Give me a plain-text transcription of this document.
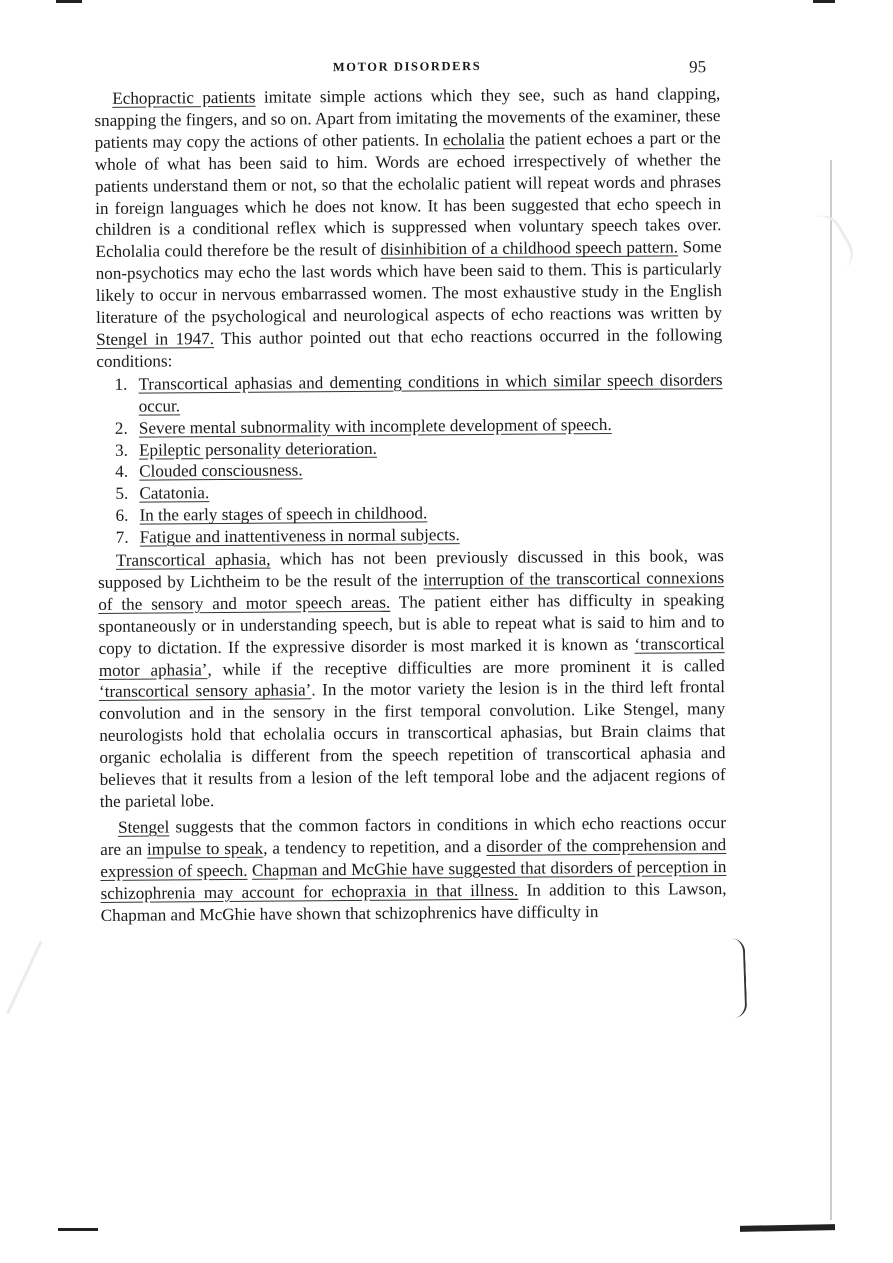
MOTOR DISORDERS	95

Echopractic patients imitate simple actions which they see, such as hand clapping, snapping the fingers, and so on. Apart from imitating the movements of the examiner, these patients may copy the actions of other patients. In echolalia the patient echoes a part or the whole of what has been said to him. Words are echoed irrespectively of whether the patients understand them or not, so that the echolalic patient will repeat words and phrases in foreign languages which he does not know. It has been suggested that echo speech in children is a conditional reflex which is suppressed when voluntary speech takes over. Echolalia could therefore be the result of disinhibition of a childhood speech pattern. Some non-psychotics may echo the last words which have been said to them. This is particularly likely to occur in nervous embarrassed women. The most exhaustive study in the English literature of the psychological and neurological aspects of echo reactions was written by Stengel in 1947. This author pointed out that echo reactions occurred in the following conditions:

1. Transcortical aphasias and dementing conditions in which similar speech disorders occur.
2. Severe mental subnormality with incomplete development of speech.
3. Epileptic personality deterioration.
4. Clouded consciousness.
5. Catatonia.
6. In the early stages of speech in childhood.
7. Fatigue and inattentiveness in normal subjects.

Transcortical aphasia, which has not been previously discussed in this book, was supposed by Lichtheim to be the result of the interruption of the transcortical connexions of the sensory and motor speech areas. The patient either has difficulty in speaking spontaneously or in understanding speech, but is able to repeat what is said to him and to copy to dictation. If the expressive disorder is most marked it is known as ‘transcortical motor aphasia’, while if the receptive difficulties are more prominent it is called ‘transcortical sensory aphasia’. In the motor variety the lesion is in the third left frontal convolution and in the sensory in the first temporal convolution. Like Stengel, many neurologists hold that echolalia occurs in transcortical aphasias, but Brain claims that organic echolalia is different from the speech repetition of transcortical aphasia and believes that it results from a lesion of the left temporal lobe and the adjacent regions of the parietal lobe.

Stengel suggests that the common factors in conditions in which echo reactions occur are an impulse to speak, a tendency to repetition, and a disorder of the comprehension and expression of speech. Chapman and McGhie have suggested that disorders of perception in schizophrenia may account for echopraxia in that illness. In addition to this Lawson, Chapman and McGhie have shown that schizophrenics have difficulty in
